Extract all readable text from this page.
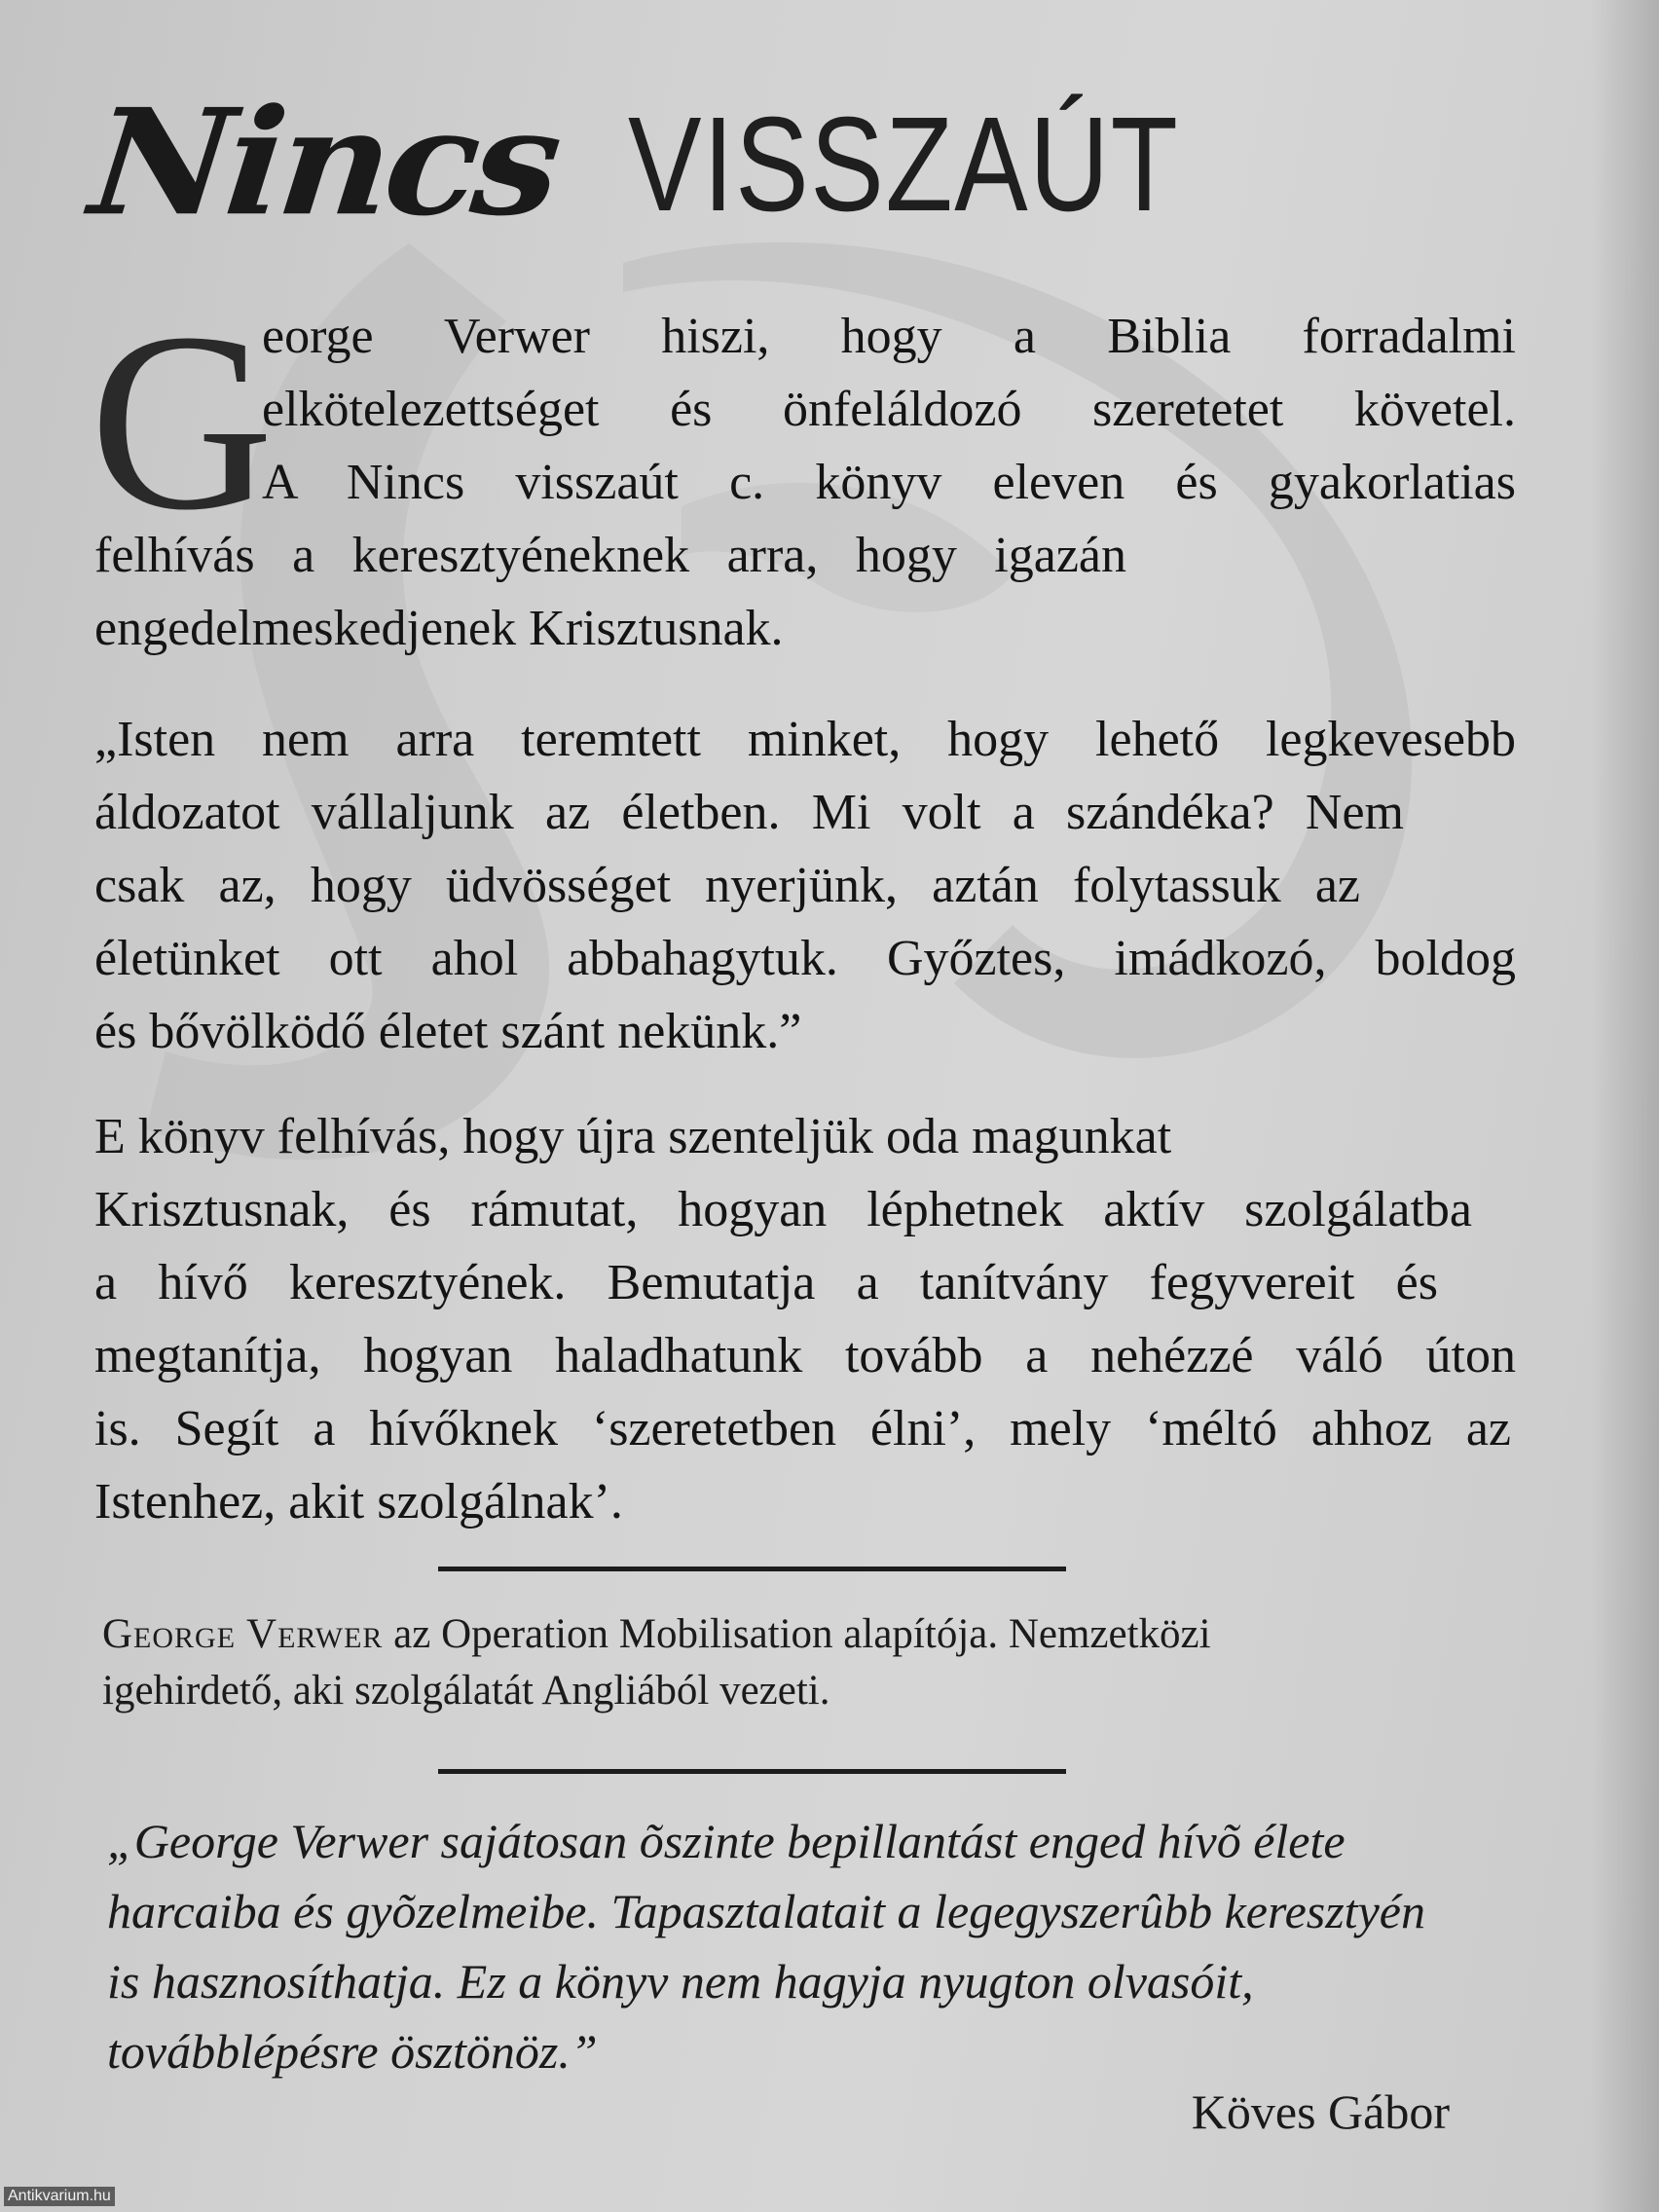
Nincs VISSZAÚT
G
eorge Verwer hiszi, hogy a Biblia forradalmi
elkötelezettséget és önfeláldozó szeretetet követel.
A Nincs visszaút c. könyv eleven és gyakorlatias
felhívás a keresztyéneknek arra, hogy igazán
engedelmeskedjenek Krisztusnak.
„Isten nem arra teremtett minket, hogy lehető legkevesebb
áldozatot vállaljunk az életben. Mi volt a szándéka? Nem
csak az, hogy üdvösséget nyerjünk, aztán folytassuk az
életünket ott ahol abbahagytuk. Győztes, imádkozó, boldog
és bővölködő életet szánt nekünk.”
E könyv felhívás, hogy újra szenteljük oda magunkat
Krisztusnak, és rámutat, hogyan léphetnek aktív szolgálatba
a hívő keresztyének. Bemutatja a tanítvány fegyvereit és
megtanítja, hogyan haladhatunk tovább a nehézzé váló úton
is. Segít a hívőknek ‘szeretetben élni’, mely ‘méltó ahhoz az
Istenhez, akit szolgálnak’.
George Verwer az Operation Mobilisation alapítója. Nemzetközi
igehirdető, aki szolgálatát Angliából vezeti.
„George Verwer sajátosan õszinte bepillantást enged hívõ élete
harcaiba és gyõzelmeibe. Tapasztalatait a legegyszerûbb keresztyén
is hasznosíthatja. Ez a könyv nem hagyja nyugton olvasóit,
továbblépésre ösztönöz.”
Köves Gábor
Antikvarium.hu
